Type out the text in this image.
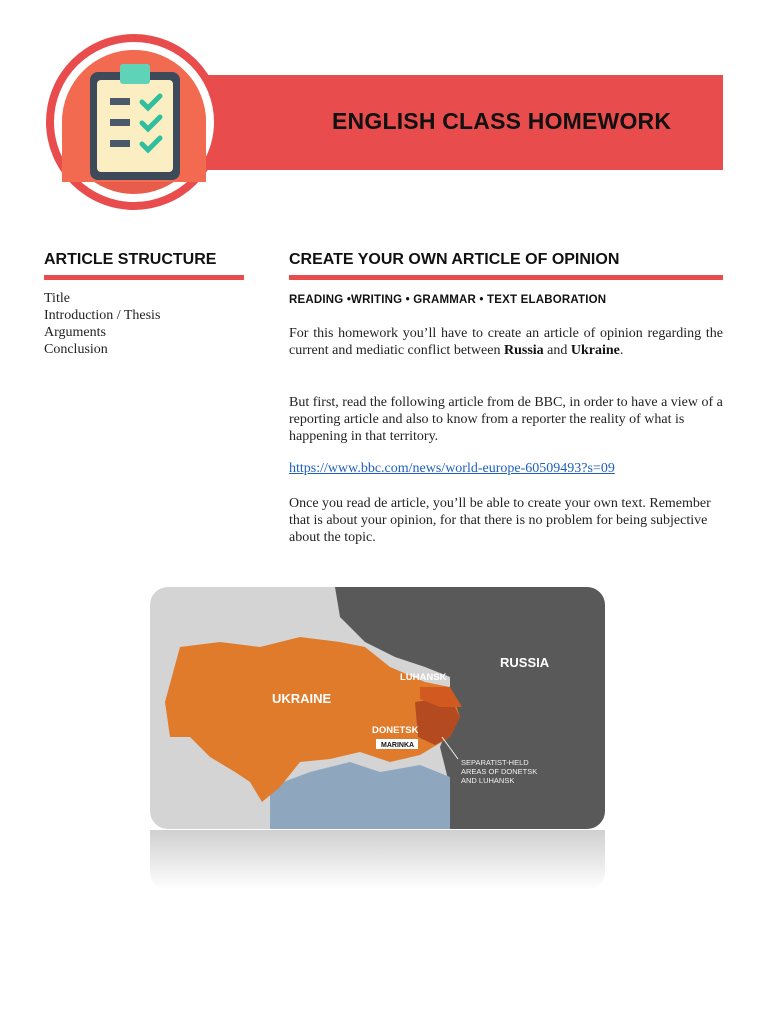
ENGLISH CLASS HOMEWORK
ARTICLE STRUCTURE
Title
Introduction / Thesis
Arguments
Conclusion
CREATE YOUR OWN ARTICLE OF OPINION
READING •WRITING • GRAMMAR • TEXT ELABORATION

For this homework you’ll have to create an article of opinion regarding the current and mediatic conflict between Russia and Ukraine.

But first, read the following article from de BBC, in order to have a view of a reporting article and also to know from a reporter the reality of what is happening in that territory.

https://www.bbc.com/news/world-europe-60509493?s=09

Once you read de article, you’ll be able to create your own text. Remember that is about your opinion, for that there is no problem for being subjective about the topic.

RUSSIA
UKRAINE
LUHANSK
DONETSK
MARINKA
SEPARATIST-HELD
AREAS OF DONETSK
AND LUHANSK
